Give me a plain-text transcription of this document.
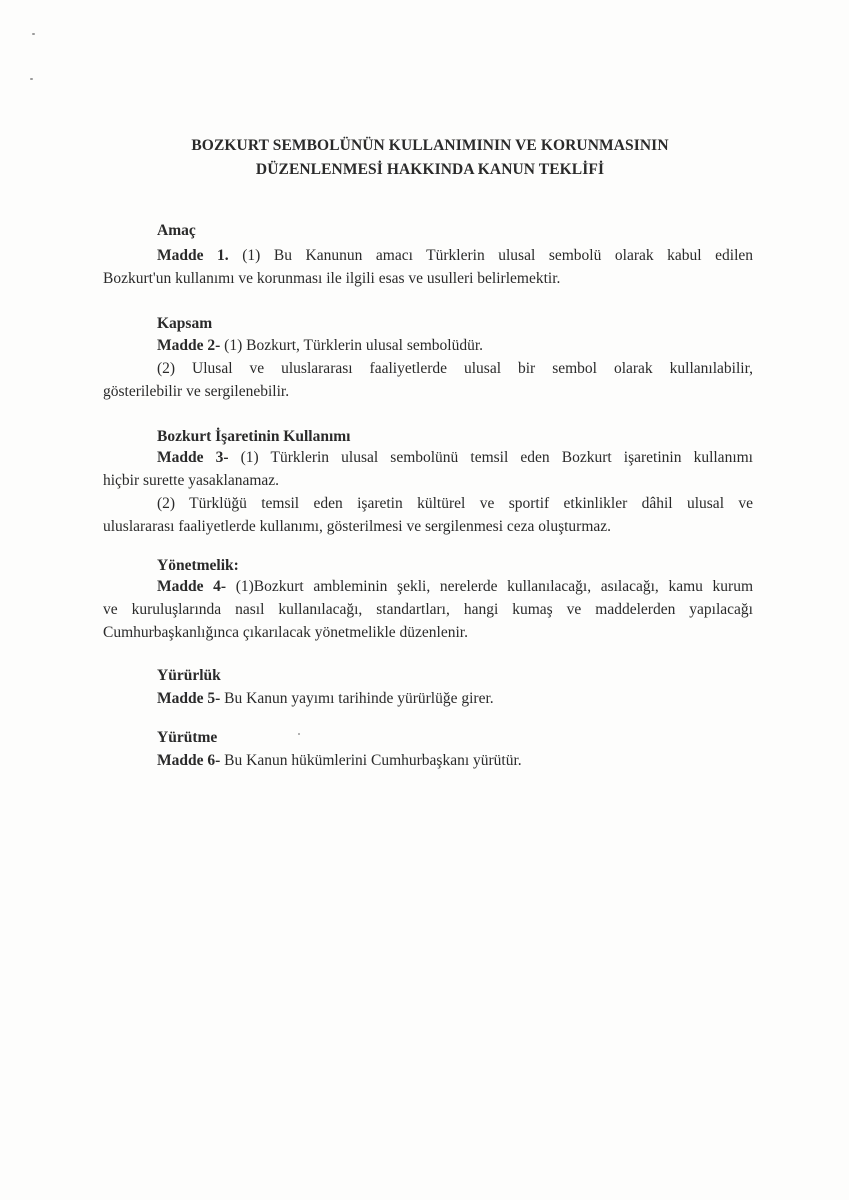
BOZKURT SEMBOLÜNÜN KULLANIMININ VE KORUNMASININ
DÜZENLENMESİ HAKKINDA KANUN TEKLİFİ
Amaç
Madde 1. (1) Bu Kanunun amacı Türklerin ulusal sembolü olarak kabul edilen
Bozkurt'un kullanımı ve korunması ile ilgili esas ve usulleri belirlemektir.
Kapsam
Madde 2- (1) Bozkurt, Türklerin ulusal sembolüdür.
(2) Ulusal ve uluslararası faaliyetlerde ulusal bir sembol olarak kullanılabilir,
gösterilebilir ve sergilenebilir.
Bozkurt İşaretinin Kullanımı
Madde 3- (1) Türklerin ulusal sembolünü temsil eden Bozkurt işaretinin kullanımı
hiçbir surette yasaklanamaz.
(2) Türklüğü temsil eden işaretin kültürel ve sportif etkinlikler dâhil ulusal ve
uluslararası faaliyetlerde kullanımı, gösterilmesi ve sergilenmesi ceza oluşturmaz.
Yönetmelik:
Madde 4- (1)Bozkurt ambleminin şekli, nerelerde kullanılacağı, asılacağı, kamu kurum
ve kuruluşlarında nasıl kullanılacağı, standartları, hangi kumaş ve maddelerden yapılacağı
Cumhurbaşkanlığınca çıkarılacak yönetmelikle düzenlenir.
Yürürlük
Madde 5- Bu Kanun yayımı tarihinde yürürlüğe girer.
Yürütme
Madde 6- Bu Kanun hükümlerini Cumhurbaşkanı yürütür.
